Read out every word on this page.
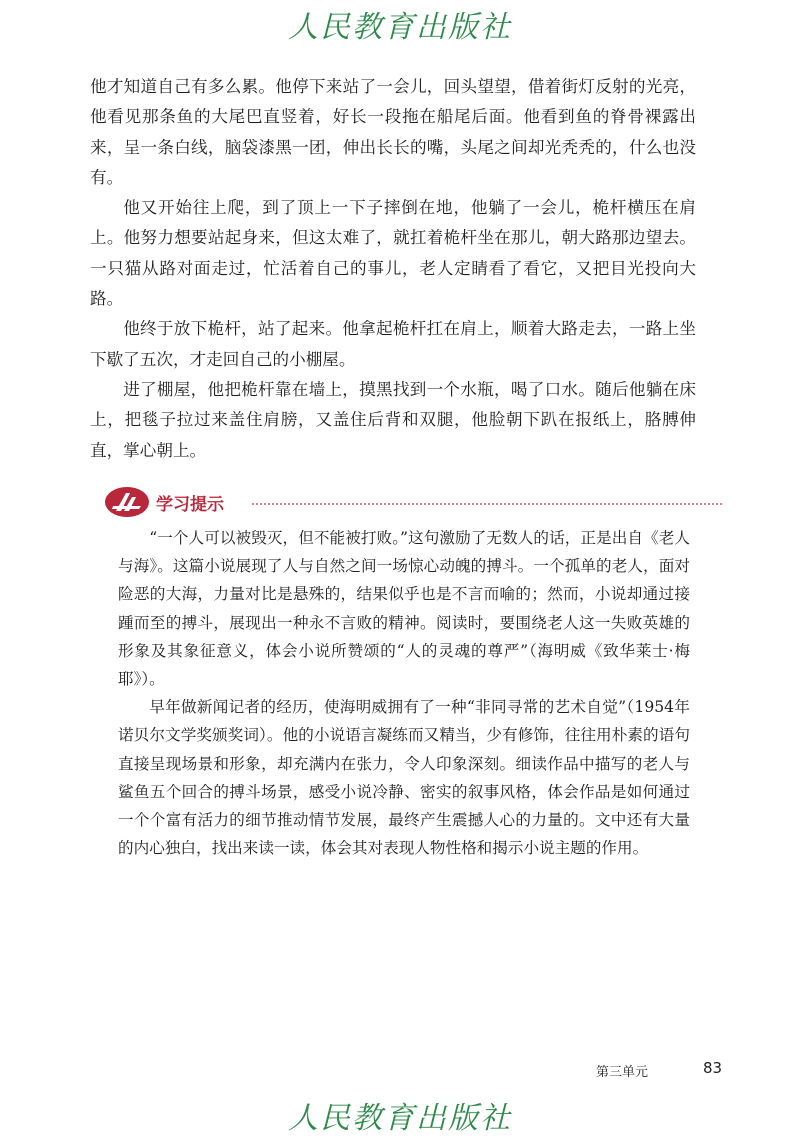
人民教育出版社

他才知道自己有多么累。他停下来站了一会儿，回头望望，借着街灯反射的光亮，他看见那条鱼的大尾巴直竖着，好长一段拖在船尾后面。他看到鱼的脊骨裸露出来，呈一条白线，脑袋漆黑一团，伸出长长的嘴，头尾之间却光秃秃的，什么也没有。

他又开始往上爬，到了顶上一下子摔倒在地，他躺了一会儿，桅杆横压在肩上。他努力想要站起身来，但这太难了，就扛着桅杆坐在那儿，朝大路那边望去。一只猫从路对面走过，忙活着自己的事儿，老人定睛看了看它，又把目光投向大路。

他终于放下桅杆，站了起来。他拿起桅杆扛在肩上，顺着大路走去，一路上坐下歇了五次，才走回自己的小棚屋。

进了棚屋，他把桅杆靠在墙上，摸黑找到一个水瓶，喝了口水。随后他躺在床上，把毯子拉过来盖住肩膀，又盖住后背和双腿，他脸朝下趴在报纸上，胳膊伸直，掌心朝上。

学习提示

“一个人可以被毁灭，但不能被打败。”这句激励了无数人的话，正是出自《老人与海》。这篇小说展现了人与自然之间一场惊心动魄的搏斗。一个孤单的老人，面对险恶的大海，力量对比是悬殊的，结果似乎也是不言而喻的；然而，小说却通过接踵而至的搏斗，展现出一种永不言败的精神。阅读时，要围绕老人这一失败英雄的形象及其象征意义，体会小说所赞颂的“人的灵魂的尊严”（海明威《致华莱士·梅耶》）。

早年做新闻记者的经历，使海明威拥有了一种“非同寻常的艺术自觉”（1954年诺贝尔文学奖颁奖词）。他的小说语言凝练而又精当，少有修饰，往往用朴素的语句直接呈现场景和形象，却充满内在张力，令人印象深刻。细读作品中描写的老人与鲨鱼五个回合的搏斗场景，感受小说冷静、密实的叙事风格，体会作品是如何通过一个个富有活力的细节推动情节发展，最终产生震撼人心的力量的。文中还有大量的内心独白，找出来读一读，体会其对表现人物性格和揭示小说主题的作用。

第三单元	83
人民教育出版社
